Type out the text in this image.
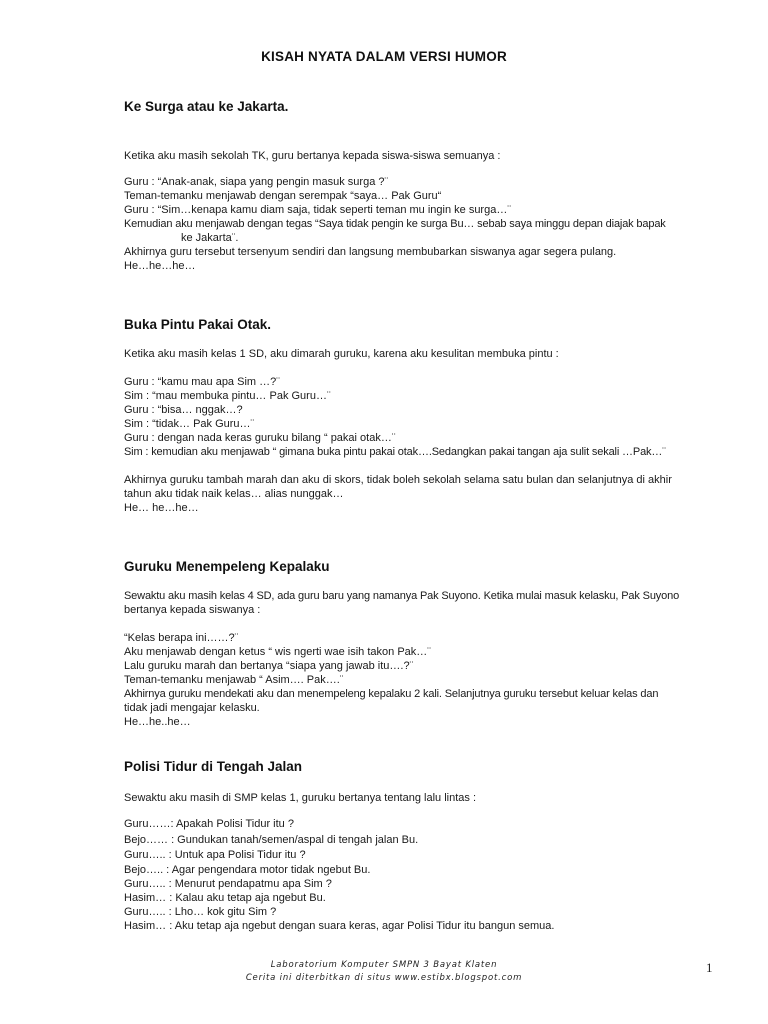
KISAH NYATA DALAM VERSI HUMOR
Ke Surga atau ke Jakarta.
Ketika aku masih sekolah TK, guru bertanya kepada siswa-siswa semuanya :
Guru : “Anak-anak, siapa yang pengin masuk surga ?¨
Teman-temanku menjawab dengan serempak “saya… Pak Guru“
Guru : “Sim…kenapa kamu diam saja, tidak seperti teman mu ingin ke surga…¨
Kemudian aku menjawab dengan tegas “Saya tidak pengin ke surga Bu… sebab saya minggu depan diajak bapak
ke Jakarta¨.
Akhirnya guru tersebut tersenyum sendiri dan langsung membubarkan siswanya agar segera pulang.
He…he…he…
Buka Pintu Pakai Otak.
Ketika aku masih kelas 1 SD, aku dimarah guruku, karena aku kesulitan membuka pintu :
Guru : “kamu mau apa Sim …?¨
Sim : “mau membuka pintu… Pak Guru…¨
Guru : “bisa… nggak…?
Sim : “tidak… Pak Guru…¨
Guru : dengan nada keras guruku bilang “ pakai otak…¨
Sim : kemudian aku menjawab “ gimana buka pintu pakai otak….Sedangkan pakai tangan aja sulit sekali …Pak…¨
Akhirnya guruku tambah marah dan aku di skors, tidak boleh sekolah selama satu bulan dan selanjutnya di akhir
tahun aku tidak naik kelas… alias nunggak…
He… he…he…
Guruku Menempeleng Kepalaku
Sewaktu aku masih kelas 4 SD, ada guru baru yang namanya Pak Suyono. Ketika mulai masuk kelasku, Pak Suyono
bertanya kepada siswanya :
“Kelas berapa ini……?¨
Aku menjawab dengan ketus “ wis ngerti wae isih takon Pak…¨
Lalu guruku marah dan bertanya “siapa yang jawab itu….?¨
Teman-temanku menjawab “ Asim…. Pak….¨
Akhirnya guruku mendekati aku dan menempeleng kepalaku 2 kali. Selanjutnya guruku tersebut keluar kelas dan
tidak jadi mengajar kelasku.
He…he..he…
Polisi Tidur di Tengah Jalan
Sewaktu aku masih di SMP kelas 1, guruku bertanya tentang lalu lintas :
Guru……: Apakah Polisi Tidur itu ?
Bejo…… : Gundukan tanah/semen/aspal di tengah jalan Bu.
Guru….. : Untuk apa Polisi Tidur itu ?
Bejo….. : Agar pengendara motor tidak ngebut Bu.
Guru….. : Menurut pendapatmu apa Sim ?
Hasim… : Kalau aku tetap aja ngebut Bu.
Guru….. : Lho… kok gitu Sim ?
Hasim… : Aku tetap aja ngebut dengan suara keras, agar Polisi Tidur itu bangun semua.
Laboratorium Komputer SMPN 3 Bayat Klaten
Cerita ini diterbitkan di situs www.estibx.blogspot.com
1
